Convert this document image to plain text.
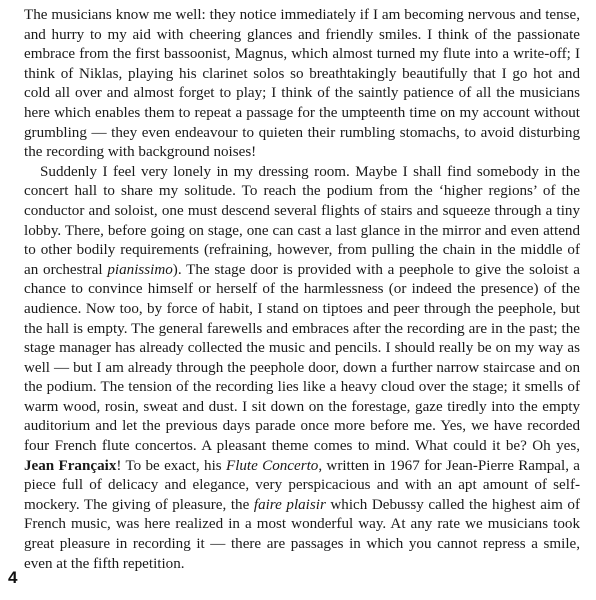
The musicians know me well: they notice immediately if I am becoming nervous and tense, and hurry to my aid with cheering glances and friendly smiles. I think of the passionate embrace from the first bassoonist, Magnus, which almost turned my flute into a write-off; I think of Niklas, playing his clarinet solos so breathtakingly beautifully that I go hot and cold all over and almost forget to play; I think of the saintly patience of all the musicians here which enables them to repeat a passage for the umpteenth time on my account without grumbling — they even endeavour to quieten their rumbling stomachs, to avoid disturbing the recording with background noises!

Suddenly I feel very lonely in my dressing room. Maybe I shall find somebody in the concert hall to share my solitude. To reach the podium from the ‘higher regions’ of the conductor and soloist, one must descend several flights of stairs and squeeze through a tiny lobby. There, before going on stage, one can cast a last glance in the mirror and even attend to other bodily requirements (refraining, however, from pulling the chain in the middle of an orchestral pianissimo). The stage door is provided with a peephole to give the soloist a chance to convince himself or herself of the harmlessness (or indeed the presence) of the audience. Now too, by force of habit, I stand on tiptoes and peer through the peephole, but the hall is empty. The general farewells and embraces after the recording are in the past; the stage manager has already collected the music and pencils. I should really be on my way as well — but I am already through the peephole door, down a further narrow staircase and on the podium. The tension of the recording lies like a heavy cloud over the stage; it smells of warm wood, rosin, sweat and dust. I sit down on the forestage, gaze tiredly into the empty auditorium and let the previous days parade once more before me. Yes, we have recorded four French flute concertos. A pleasant theme comes to mind. What could it be? Oh yes, Jean Françaix! To be exact, his Flute Concerto, written in 1967 for Jean-Pierre Rampal, a piece full of delicacy and elegance, very perspicacious and with an apt amount of self-mockery. The giving of pleasure, the faire plaisir which Debussy called the highest aim of French music, was here realized in a most wonderful way. At any rate we musicians took great pleasure in recording it — there are passages in which you cannot repress a smile, even at the fifth repetition.

4
